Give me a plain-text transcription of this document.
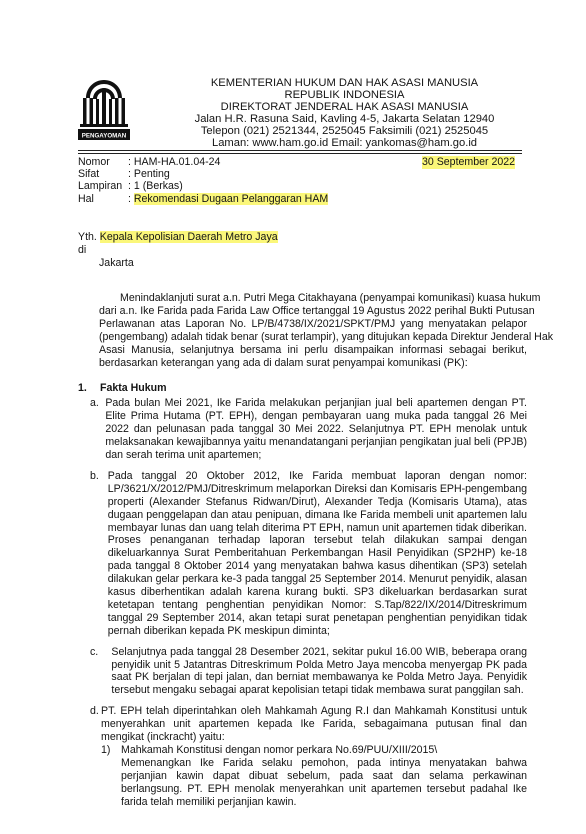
PENGAYOMAN
KEMENTERIAN HUKUM DAN HAK ASASI MANUSIA
REPUBLIK INDONESIA
DIREKTORAT JENDERAL HAK ASASI MANUSIA
Jalan H.R. Rasuna Said, Kavling 4-5, Jakarta Selatan 12940
Telepon (021) 2521344, 2525045 Faksimili (021) 2525045
Laman: www.ham.go.id Email: yankomas@ham.go.id
Nomor	: HAM-HA.01.04-24
Sifat	: Penting
Lampiran : 1 (Berkas)
Hal	: Rekomendasi Dugaan Pelanggaran HAM
30 September 2022
Yth. Kepala Kepolisian Daerah Metro Jaya
di
Jakarta

Menindaklanjuti surat a.n. Putri Mega Citakhayana (penyampai komunikasi) kuasa hukum
dari a.n. Ike Farida pada Farida Law Office tertanggal 19 Agustus 2022 perihal Bukti Putusan
Perlawanan atas Laporan No. LP/B/4738/IX/2021/SPKT/PMJ yang menyatakan pelapor
(pengembang) adalah tidak benar (surat terlampir), yang ditujukan kepada Direktur Jenderal Hak
Asasi Manusia, selanjutnya bersama ini perlu disampaikan informasi sebagai berikut,
berdasarkan keterangan yang ada di dalam surat penyampai komunikasi (PK):

1.	Fakta Hukum
a. Pada bulan Mei 2021, Ike Farida melakukan perjanjian jual beli apartemen dengan PT.
Elite Prima Hutama (PT. EPH), dengan pembayaran uang muka pada tanggal 26 Mei
2022 dan pelunasan pada tanggal 30 Mei 2022. Selanjutnya PT. EPH menolak untuk
melaksanakan kewajibannya yaitu menandatangani perjanjian pengikatan jual beli (PPJB)
dan serah terima unit apartemen;
b. Pada tanggal 20 Oktober 2012, Ike Farida membuat laporan dengan nomor:
LP/3621/X/2012/PMJ/Ditreskrimum melaporkan Direksi dan Komisaris EPH-pengembang
properti (Alexander Stefanus Ridwan/Dirut), Alexander Tedja (Komisaris Utama), atas
dugaan penggelapan dan atau penipuan, dimana Ike Farida membeli unit apartemen lalu
membayar lunas dan uang telah diterima PT EPH, namun unit apartemen tidak diberikan.
Proses penanganan terhadap laporan tersebut telah dilakukan sampai dengan
dikeluarkannya Surat Pemberitahuan Perkembangan Hasil Penyidikan (SP2HP) ke-18
pada tanggal 8 Oktober 2014 yang menyatakan bahwa kasus dihentikan (SP3) setelah
dilakukan gelar perkara ke-3 pada tanggal 25 September 2014. Menurut penyidik, alasan
kasus diberhentikan adalah karena kurang bukti. SP3 dikeluarkan berdasarkan surat
ketetapan tentang penghentian penyidikan Nomor: S.Tap/822/IX/2014/Ditreskrimum
tanggal 29 September 2014, akan tetapi surat penetapan penghentian penyidikan tidak
pernah diberikan kepada PK meskipun diminta;
c.	Selanjutnya pada tanggal 28 Desember 2021, sekitar pukul 16.00 WIB, beberapa orang
penyidik unit 5 Jatantras Ditreskrimum Polda Metro Jaya mencoba menyergap PK pada
saat PK berjalan di tepi jalan, dan berniat membawanya ke Polda Metro Jaya. Penyidik
tersebut mengaku sebagai aparat kepolisian tetapi tidak membawa surat panggilan sah.
d. PT. EPH telah diperintahkan oleh Mahkamah Agung R.I dan Mahkamah Konstitusi untuk
menyerahkan unit apartemen kepada Ike Farida, sebagaimana putusan final dan
mengikat (inckracht) yaitu:
1) Mahkamah Konstitusi dengan nomor perkara No.69/PUU/XIII/2015\
Memenangkan Ike Farida selaku pemohon, pada intinya menyatakan bahwa
perjanjian kawin dapat dibuat sebelum, pada saat dan selama perkawinan
berlangsung. PT. EPH menolak menyerahkan unit apartemen tersebut padahal Ike
farida telah memiliki perjanjian kawin.
